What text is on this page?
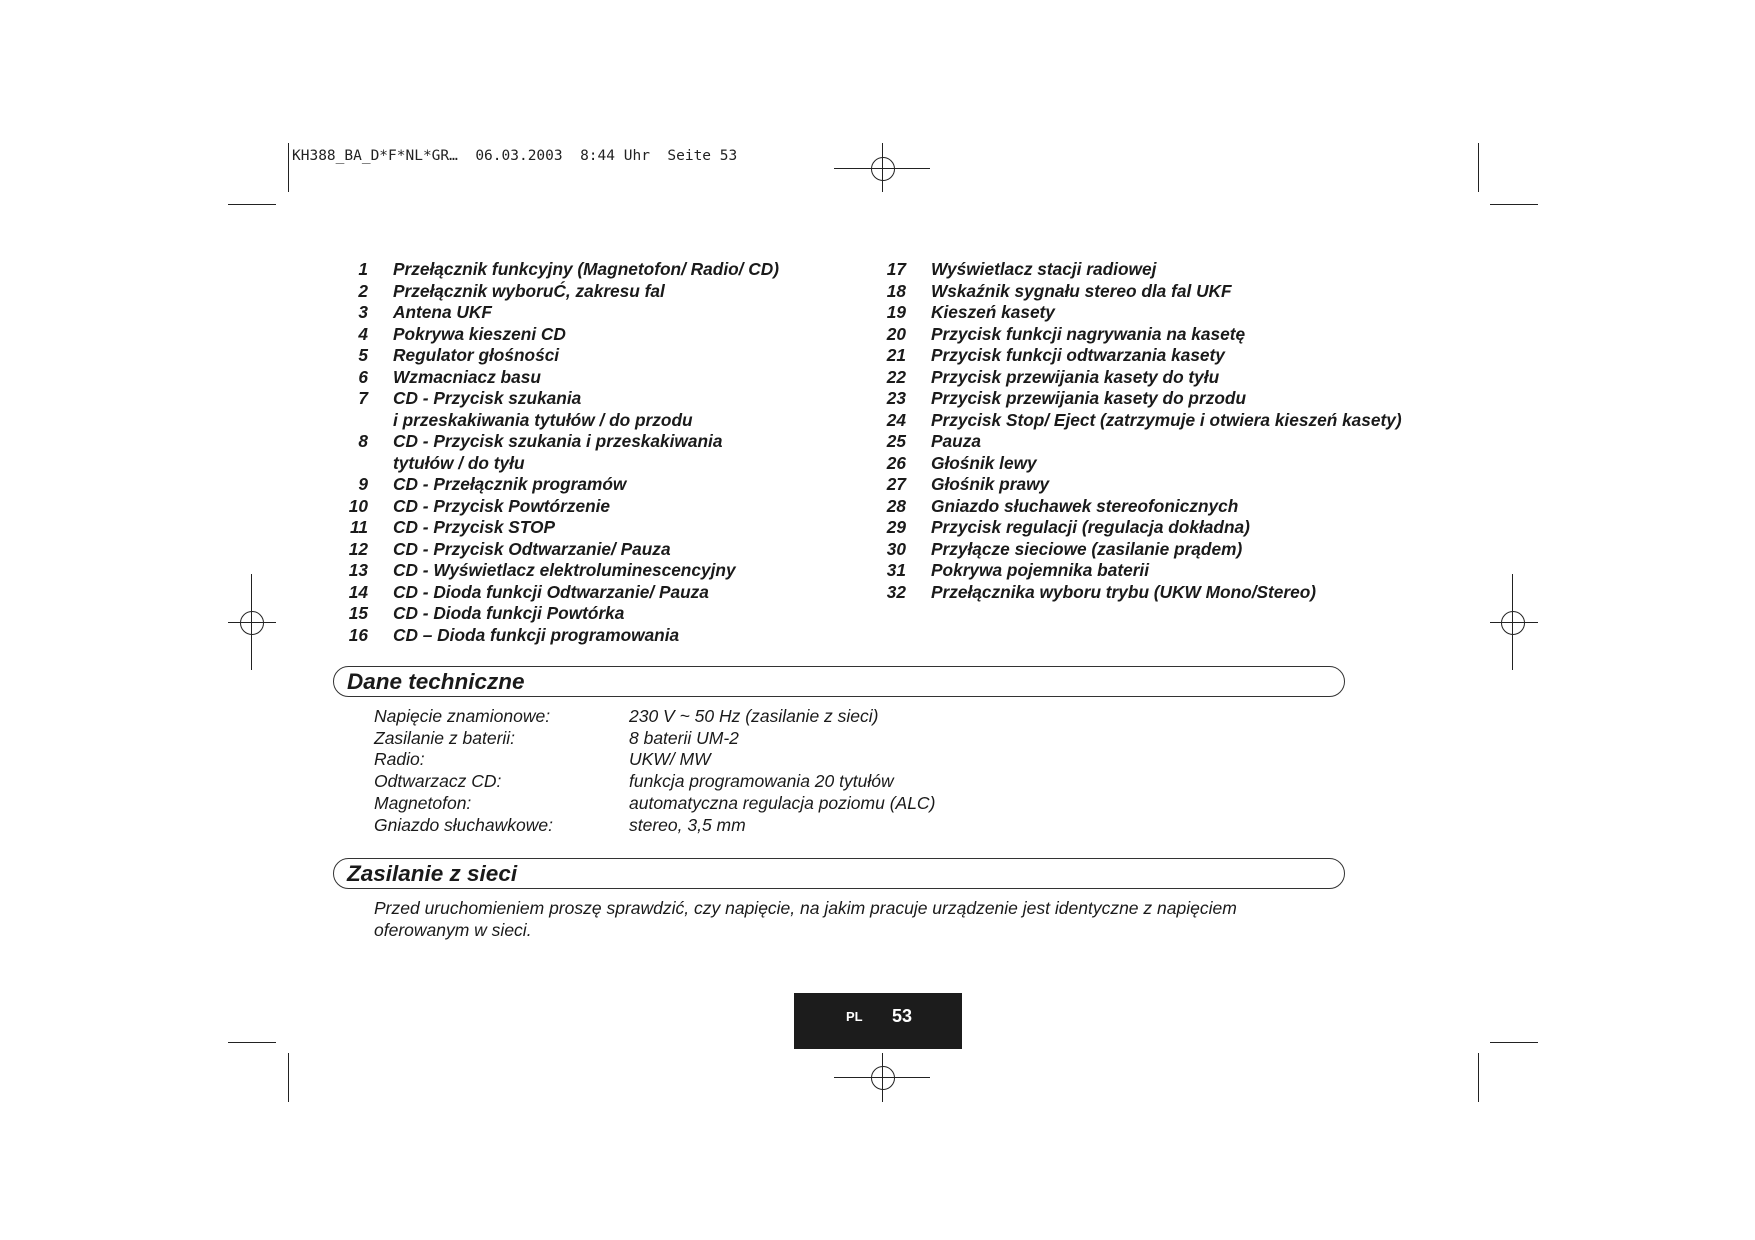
KH388_BA_D*F*NL*GR…  06.03.2003  8:44 Uhr  Seite 53
1 Przełącznik funkcyjny (Magnetofon/ Radio/ CD)
2 Przełącznik wyboruĆ, zakresu fal
3 Antena UKF
4 Pokrywa kieszeni CD
5 Regulator głośności
6 Wzmacniacz basu
7 CD - Przycisk szukania
i przeskakiwania tytułów / do przodu
8 CD - Przycisk szukania i przeskakiwania
tytułów / do tyłu
9 CD - Przełącznik programów
10 CD - Przycisk Powtórzenie
11 CD - Przycisk STOP
12 CD - Przycisk Odtwarzanie/ Pauza
13 CD - Wyświetlacz elektroluminescencyjny
14 CD - Dioda funkcji Odtwarzanie/ Pauza
15 CD - Dioda funkcji Powtórka
16 CD – Dioda funkcji programowania
17 Wyświetlacz stacji radiowej
18 Wskaźnik sygnału stereo dla fal UKF
19 Kieszeń kasety
20 Przycisk funkcji nagrywania na kasetę
21 Przycisk funkcji odtwarzania kasety
22 Przycisk przewijania kasety do tyłu
23 Przycisk przewijania kasety do przodu
24 Przycisk Stop/ Eject (zatrzymuje i otwiera kieszeń kasety)
25 Pauza
26 Głośnik lewy
27 Głośnik prawy
28 Gniazdo słuchawek stereofonicznych
29 Przycisk regulacji (regulacja dokładna)
30 Przyłącze sieciowe (zasilanie prądem)
31 Pokrywa pojemnika baterii
32 Przełącznika wyboru trybu (UKW Mono/Stereo)
Dane techniczne
Napięcie znamionowe:	230 V ~ 50 Hz (zasilanie z sieci)
Zasilanie z baterii:	8 baterii UM-2
Radio:	UKW/ MW
Odtwarzacz CD:	funkcja programowania 20 tytułów
Magnetofon:	automatyczna regulacja poziomu (ALC)
Gniazdo słuchawkowe:	stereo, 3,5 mm
Zasilanie z sieci
Przed uruchomieniem proszę sprawdzić, czy napięcie, na jakim pracuje urządzenie jest identyczne z napięciem
oferowanym w sieci.
PL 53
